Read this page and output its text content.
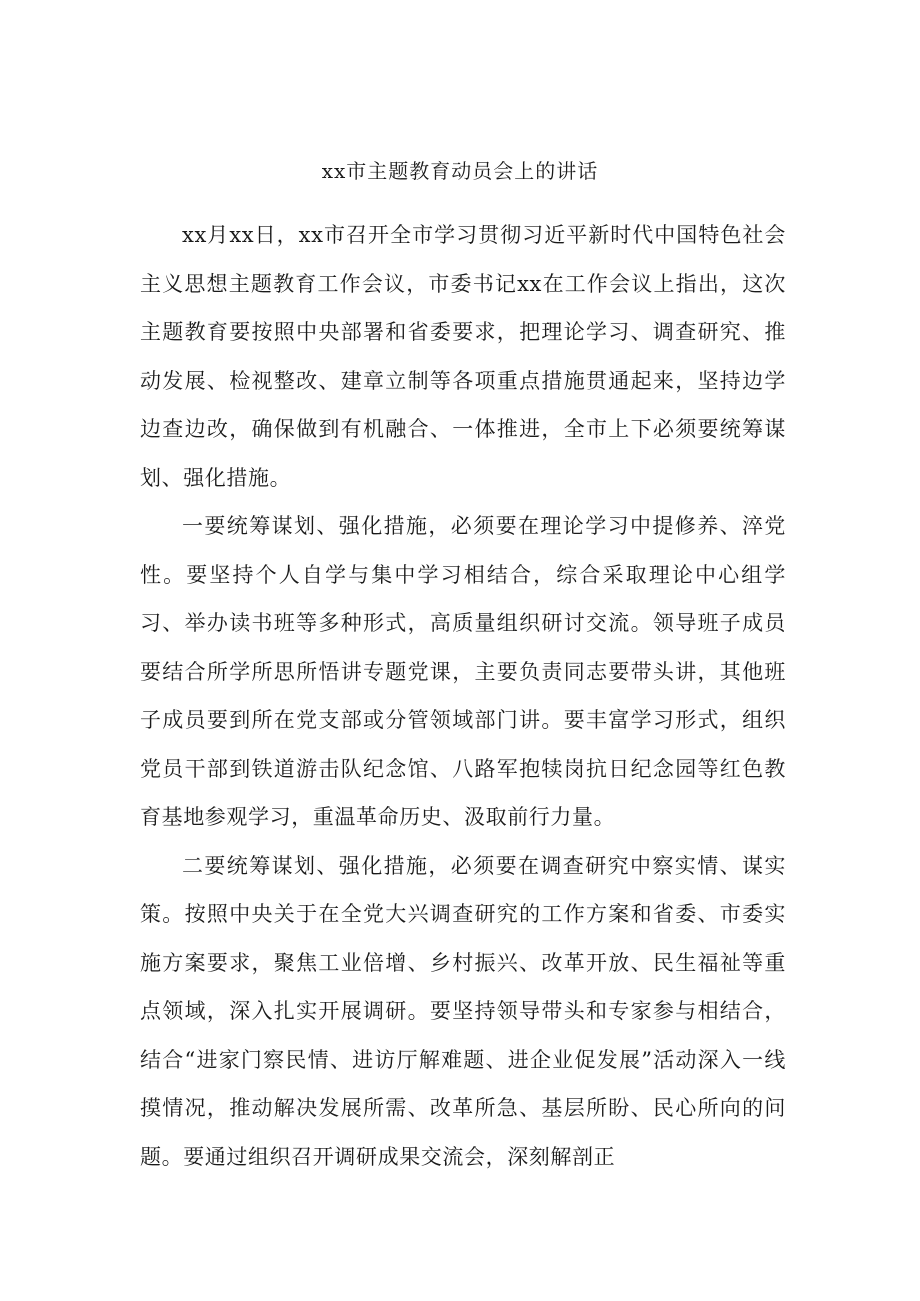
xx市主题教育动员会上的讲话

xx月xx日，xx市召开全市学习贯彻习近平新时代中国特色社会主义思想主题教育工作会议，市委书记xx在工作会议上指出，这次主题教育要按照中央部署和省委要求，把理论学习、调查研究、推动发展、检视整改、建章立制等各项重点措施贯通起来，坚持边学边查边改，确保做到有机融合、一体推进，全市上下必须要统筹谋划、强化措施。

一要统筹谋划、强化措施，必须要在理论学习中提修养、淬党性。要坚持个人自学与集中学习相结合，综合采取理论中心组学习、举办读书班等多种形式，高质量组织研讨交流。领导班子成员要结合所学所思所悟讲专题党课，主要负责同志要带头讲，其他班子成员要到所在党支部或分管领域部门讲。要丰富学习形式，组织党员干部到铁道游击队纪念馆、八路军抱犊岗抗日纪念园等红色教育基地参观学习，重温革命历史、汲取前行力量。

二要统筹谋划、强化措施，必须要在调查研究中察实情、谋实策。按照中央关于在全党大兴调查研究的工作方案和省委、市委实施方案要求，聚焦工业倍增、乡村振兴、改革开放、民生福祉等重点领域，深入扎实开展调研。要坚持领导带头和专家参与相结合，结合“进家门察民情、进访厅解难题、进企业促发展”活动深入一线摸情况，推动解决发展所需、改革所急、基层所盼、民心所向的问题。要通过组织召开调研成果交流会，深刻解剖正
